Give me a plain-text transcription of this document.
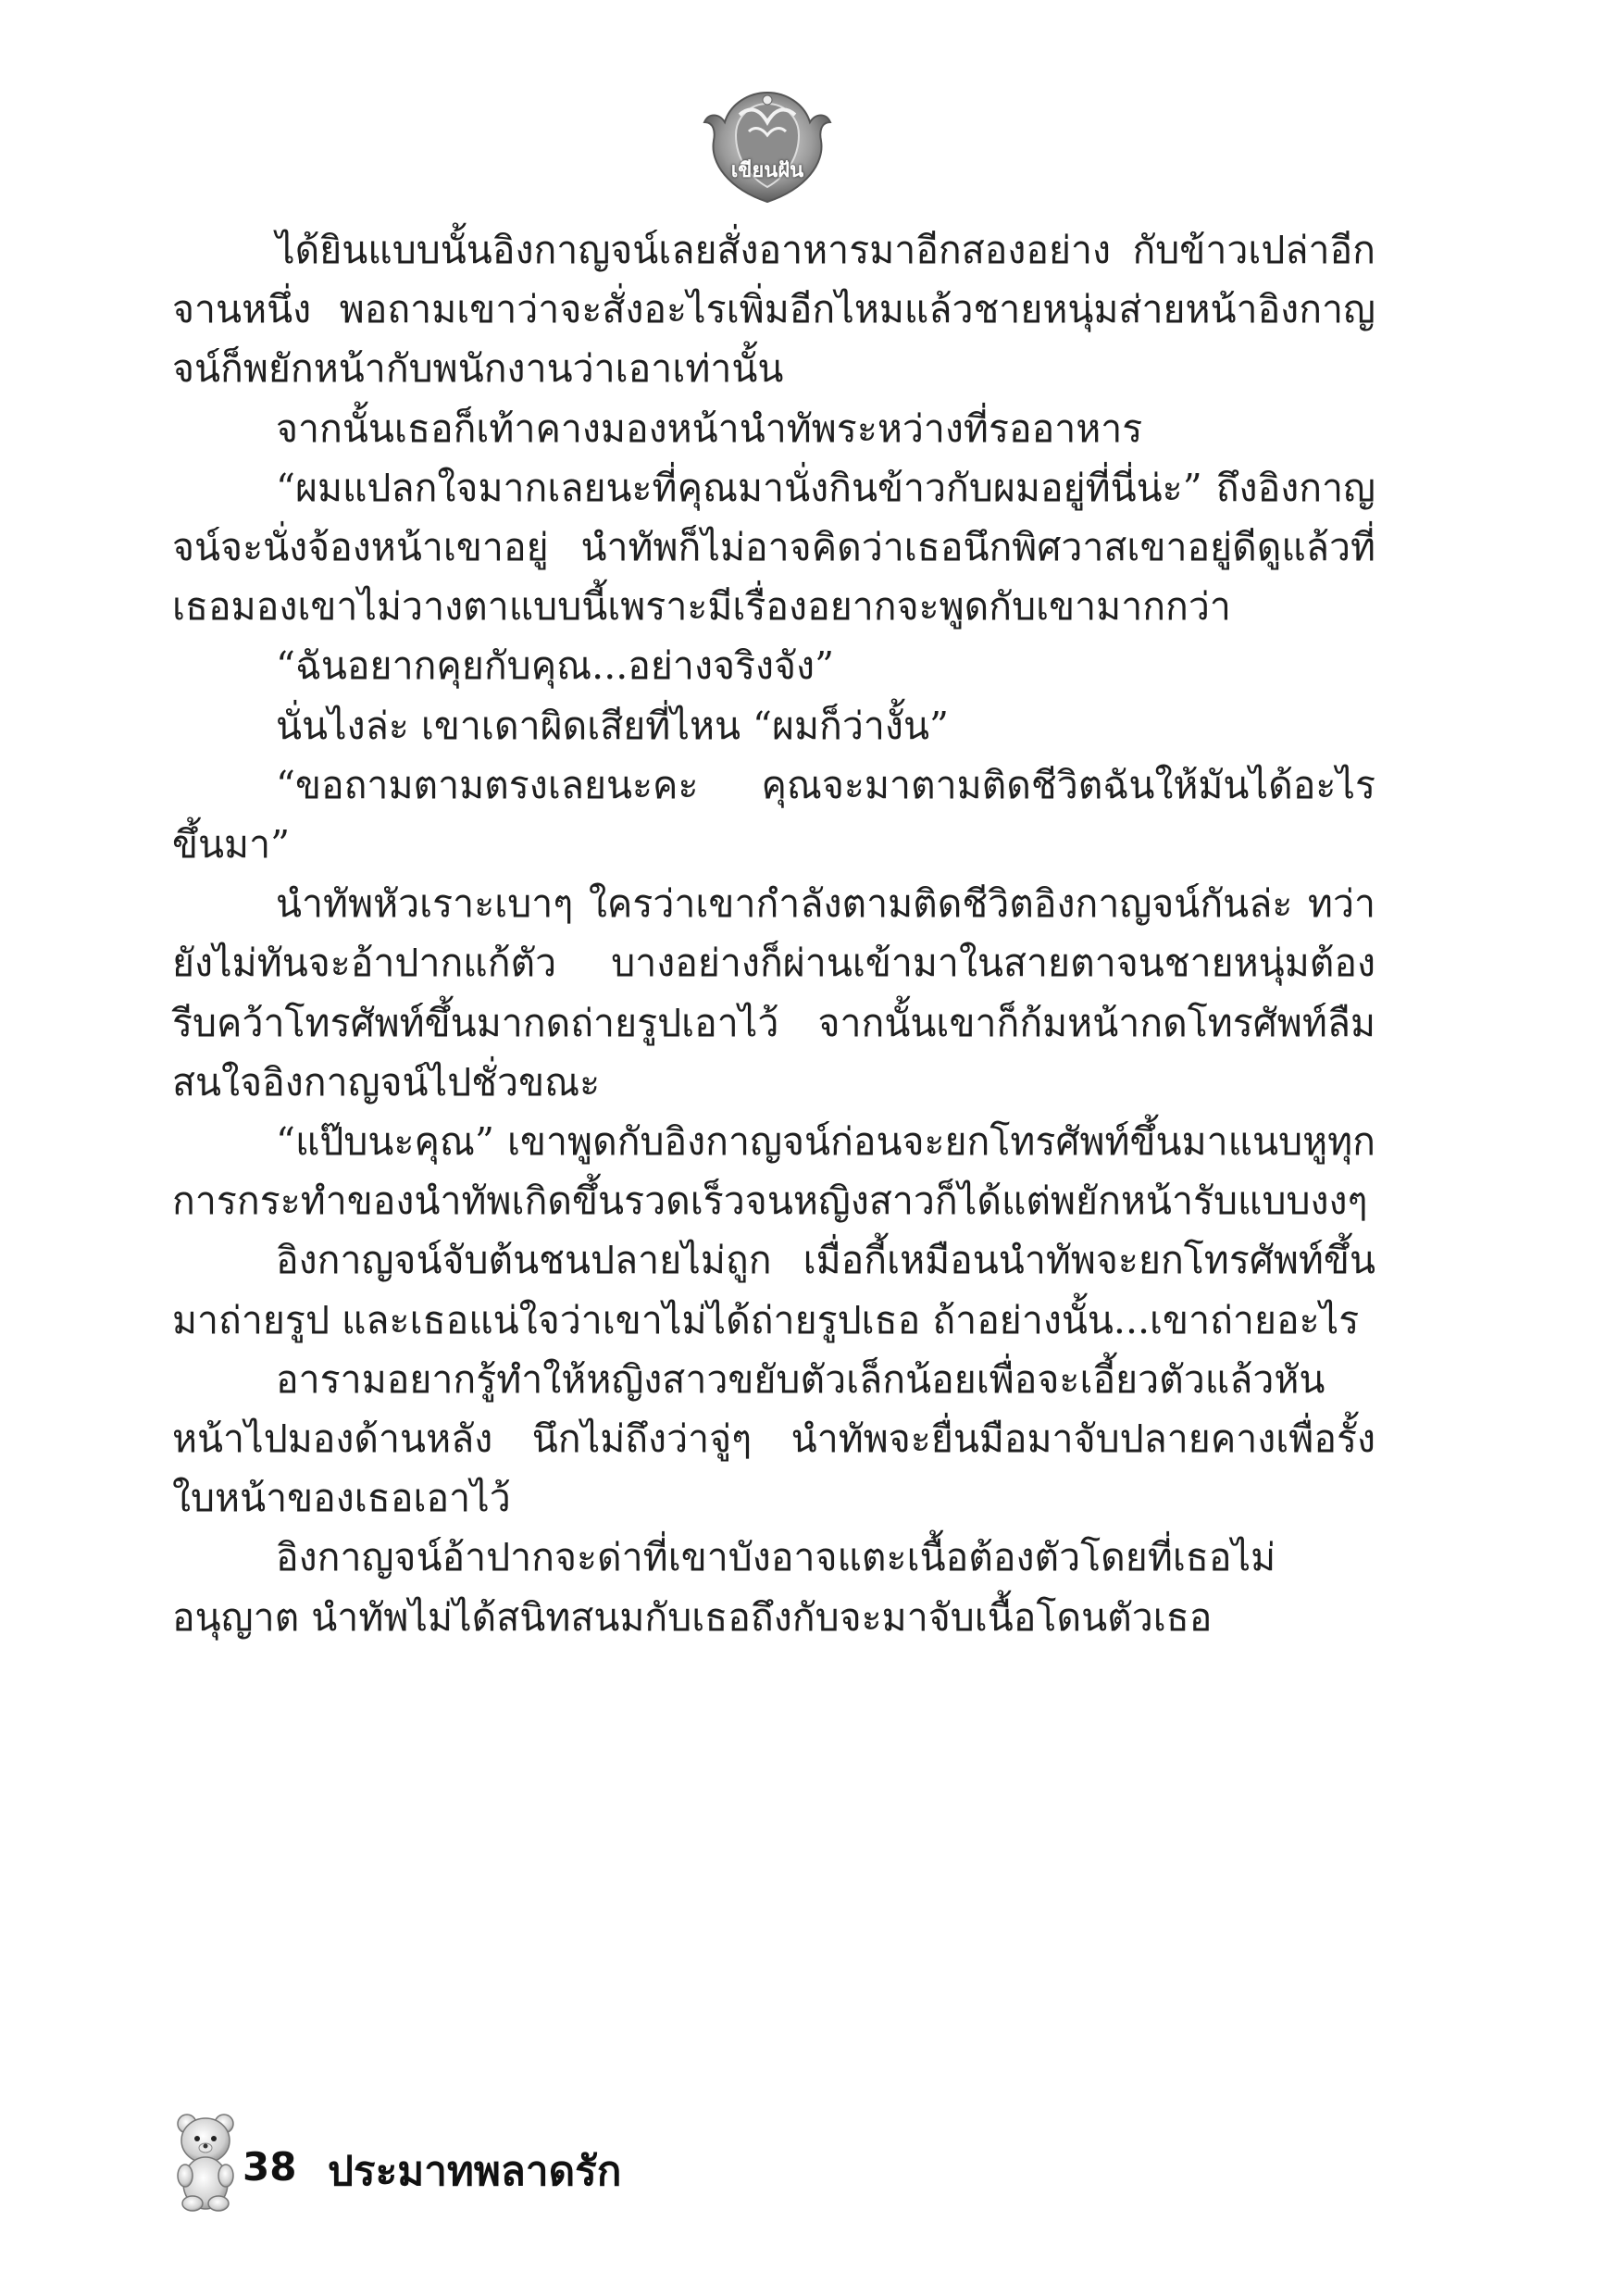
เขียนฝัน

ได้ยินแบบนั้นอิงกาญจน์เลยสั่งอาหารมาอีกสองอย่าง กับข้าวเปล่าอีกจานหนึ่ง พอถามเขาว่าจะสั่งอะไรเพิ่มอีกไหมแล้วชายหนุ่มส่ายหน้าอิงกาญจน์ก็พยักหน้ากับพนักงานว่าเอาเท่านั้น

จากนั้นเธอก็เท้าคางมองหน้านำทัพระหว่างที่รออาหาร

“ผมแปลกใจมากเลยนะที่คุณมานั่งกินข้าวกับผมอยู่ที่นี่น่ะ” ถึงอิงกาญจน์จะนั่งจ้องหน้าเขาอยู่ นำทัพก็ไม่อาจคิดว่าเธอนึกพิศวาสเขาอยู่ดีดูแล้วที่เธอมองเขาไม่วางตาแบบนี้เพราะมีเรื่องอยากจะพูดกับเขามากกว่า

“ฉันอยากคุยกับคุณ...อย่างจริงจัง”

นั่นไงล่ะ เขาเดาผิดเสียที่ไหน “ผมก็ว่างั้น”

“ขอถามตามตรงเลยนะคะ คุณจะมาตามติดชีวิตฉันให้มันได้อะไรขึ้นมา”

นำทัพหัวเราะเบาๆ ใครว่าเขากำลังตามติดชีวิตอิงกาญจน์กันล่ะ ทว่ายังไม่ทันจะอ้าปากแก้ตัว บางอย่างก็ผ่านเข้ามาในสายตาจนชายหนุ่มต้องรีบคว้าโทรศัพท์ขึ้นมากดถ่ายรูปเอาไว้ จากนั้นเขาก็ก้มหน้ากดโทรศัพท์ลืมสนใจอิงกาญจน์ไปชั่วขณะ

“แป๊บนะคุณ” เขาพูดกับอิงกาญจน์ก่อนจะยกโทรศัพท์ขึ้นมาแนบหูทุกการกระทำของนำทัพเกิดขึ้นรวดเร็วจนหญิงสาวก็ได้แต่พยักหน้ารับแบบงงๆ

อิงกาญจน์จับต้นชนปลายไม่ถูก เมื่อกี้เหมือนนำทัพจะยกโทรศัพท์ขึ้นมาถ่ายรูป และเธอแน่ใจว่าเขาไม่ได้ถ่ายรูปเธอ ถ้าอย่างนั้น...เขาถ่ายอะไร

อารามอยากรู้ทำให้หญิงสาวขยับตัวเล็กน้อยเพื่อจะเอี้ยวตัวแล้วหันหน้าไปมองด้านหลัง นึกไม่ถึงว่าจู่ๆ นำทัพจะยื่นมือมาจับปลายคางเพื่อรั้งใบหน้าของเธอเอาไว้

อิงกาญจน์อ้าปากจะด่าที่เขาบังอาจแตะเนื้อต้องตัวโดยที่เธอไม่อนุญาต นำทัพไม่ได้สนิทสนมกับเธอถึงกับจะมาจับเนื้อโดนตัวเธอ

38 ประมาทพลาดรัก
